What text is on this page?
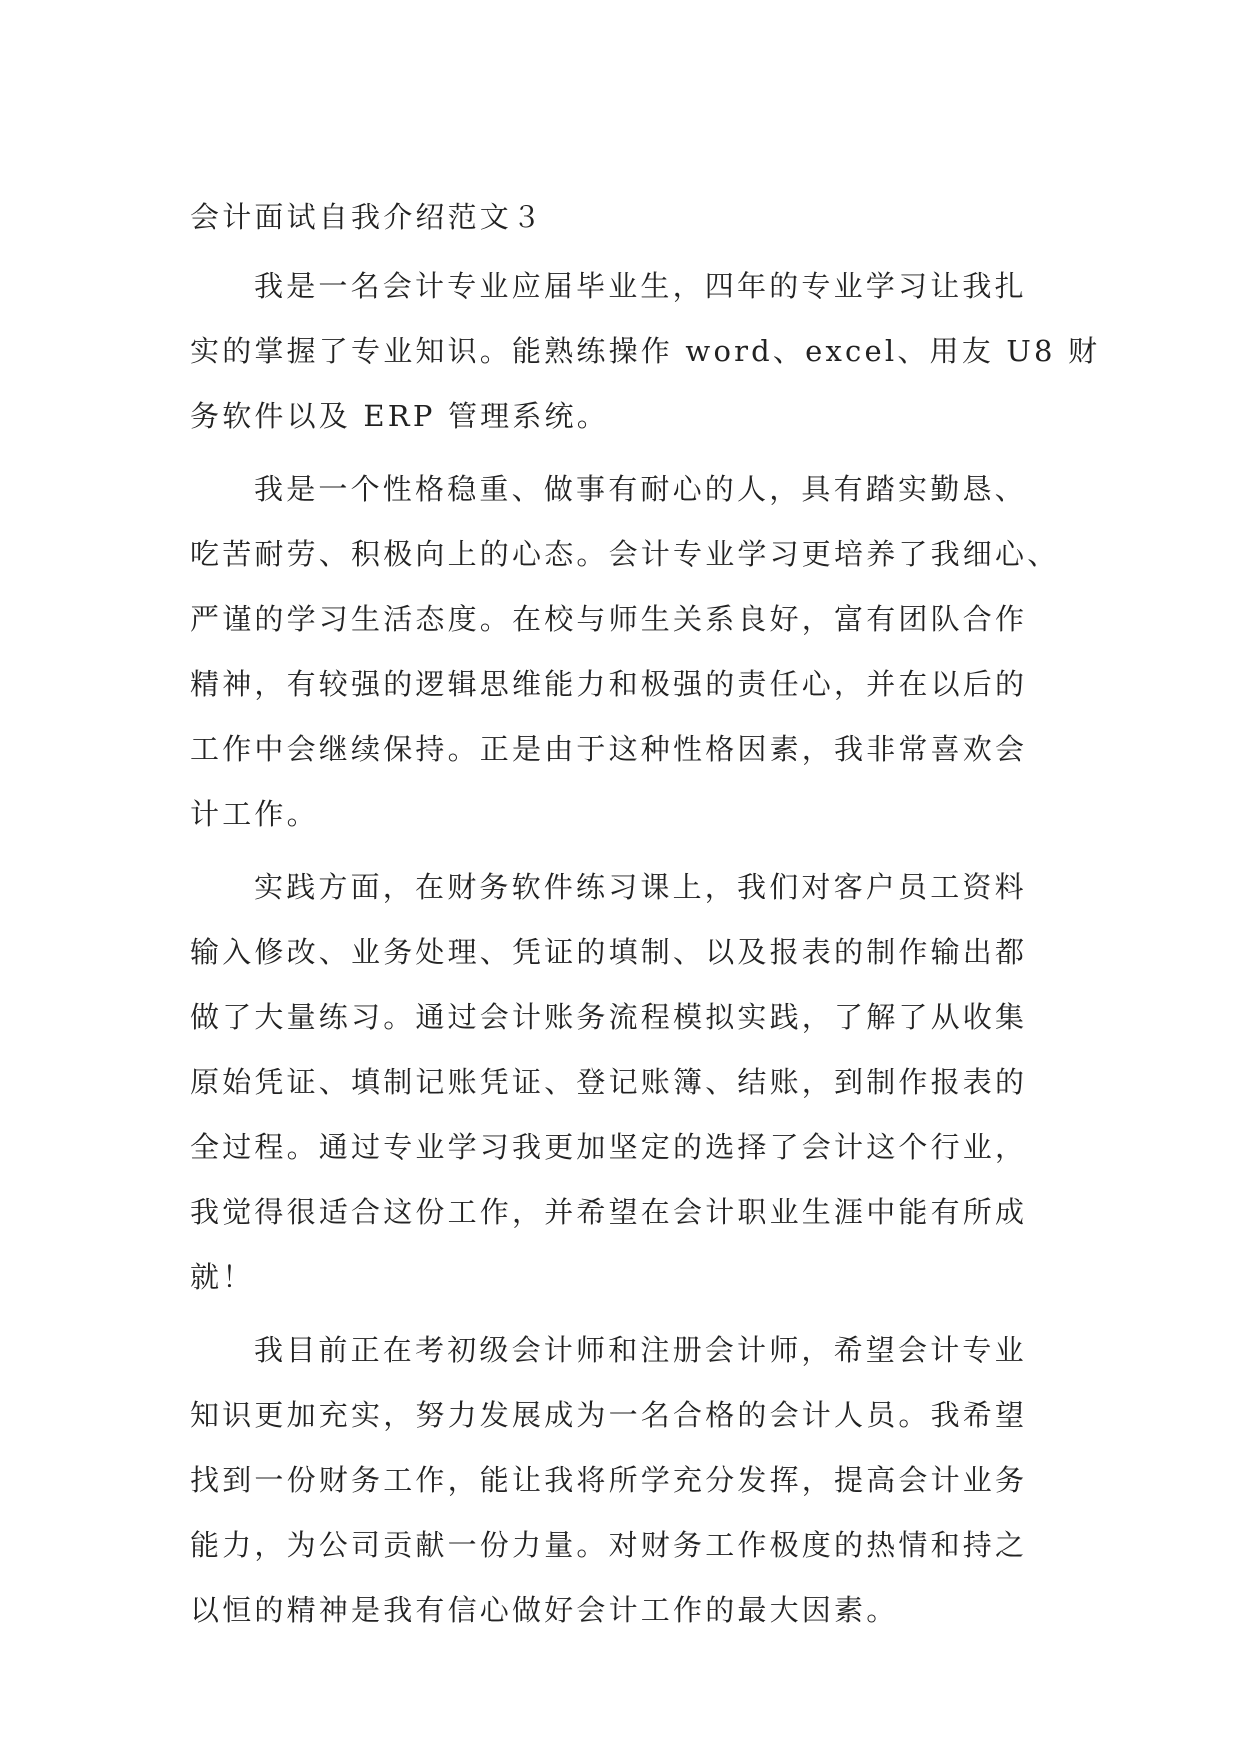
会计面试自我介绍范文３
我是一名会计专业应届毕业生，四年的专业学习让我扎
实的掌握了专业知识。能熟练操作 word、excel、用友 U8 财
务软件以及 ERP 管理系统。
我是一个性格稳重、做事有耐心的人，具有踏实勤恳、
吃苦耐劳、积极向上的心态。会计专业学习更培养了我细心、
严谨的学习生活态度。在校与师生关系良好，富有团队合作
精神，有较强的逻辑思维能力和极强的责任心，并在以后的
工作中会继续保持。正是由于这种性格因素，我非常喜欢会
计工作。
实践方面，在财务软件练习课上，我们对客户员工资料
输入修改、业务处理、凭证的填制、以及报表的制作输出都
做了大量练习。通过会计账务流程模拟实践，了解了从收集
原始凭证、填制记账凭证、登记账簿、结账，到制作报表的
全过程。通过专业学习我更加坚定的选择了会计这个行业，
我觉得很适合这份工作，并希望在会计职业生涯中能有所成
就！
我目前正在考初级会计师和注册会计师，希望会计专业
知识更加充实，努力发展成为一名合格的会计人员。我希望
找到一份财务工作，能让我将所学充分发挥，提高会计业务
能力，为公司贡献一份力量。对财务工作极度的热情和持之
以恒的精神是我有信心做好会计工作的最大因素。
